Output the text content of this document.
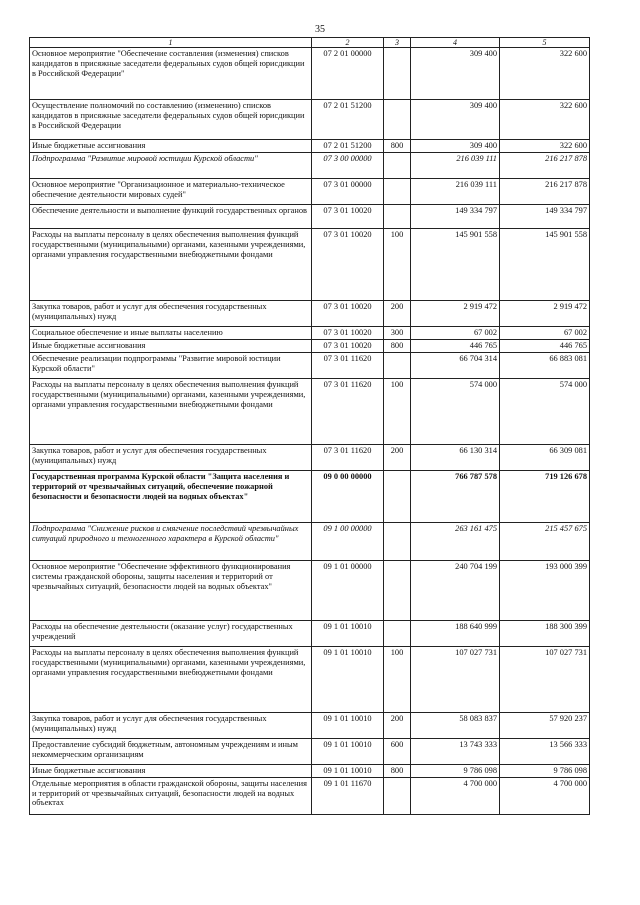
35
1	2	3	4	5
Основное мероприятие "Обеспечение составления (изменения) списков кандидатов в присяжные заседатели федеральных судов общей юрисдикции в Российской Федерации"	07 2 01 00000		309 400	322 600
Осуществление полномочий по составлению (изменению) списков кандидатов в присяжные заседатели федеральных судов общей юрисдикции в Российской Федерации	07 2 01 51200		309 400	322 600
Иные бюджетные ассигнования	07 2 01 51200	800	309 400	322 600
Подпрограмма "Развитие мировой юстиции Курской области"	07 3 00 00000		216 039 111	216 217 878
Основное мероприятие "Организационное и материально-техническое обеспечение деятельности мировых судей"	07 3 01 00000		216 039 111	216 217 878
Обеспечение деятельности и выполнение функций государственных органов	07 3 01 10020		149 334 797	149 334 797
Расходы на выплаты персоналу в целях обеспечения выполнения функций государственными (муниципальными) органами, казенными учреждениями, органами управления государственными внебюджетными фондами	07 3 01 10020	100	145 901 558	145 901 558
Закупка товаров, работ и услуг для обеспечения государственных (муниципальных) нужд	07 3 01 10020	200	2 919 472	2 919 472
Социальное обеспечение и иные выплаты населению	07 3 01 10020	300	67 002	67 002
Иные бюджетные ассигнования	07 3 01 10020	800	446 765	446 765
Обеспечение реализации подпрограммы "Развитие мировой юстиции Курской области"	07 3 01 11620		66 704 314	66 883 081
Расходы на выплаты персоналу в целях обеспечения выполнения функций государственными (муниципальными) органами, казенными учреждениями, органами управления государственными внебюджетными фондами	07 3 01 11620	100	574 000	574 000
Закупка товаров, работ и услуг для обеспечения государственных (муниципальных) нужд	07 3 01 11620	200	66 130 314	66 309 081
Государственная программа Курской области "Защита населения и территорий от чрезвычайных ситуаций, обеспечение пожарной безопасности и безопасности людей на водных объектах"	09 0 00 00000		766 787 578	719 126 678
Подпрограмма "Снижение рисков и смягчение последствий чрезвычайных ситуаций природного и техногенного характера в Курской области"	09 1 00 00000		263 161 475	215 457 675
Основное мероприятие "Обеспечение эффективного функционирования системы гражданской обороны, защиты населения и территорий от чрезвычайных ситуаций, безопасности людей на водных объектах"	09 1 01 00000		240 704 199	193 000 399
Расходы на обеспечение деятельности (оказание услуг) государственных учреждений	09 1 01 10010		188 640 999	188 300 399
Расходы на выплаты персоналу в целях обеспечения выполнения функций государственными (муниципальными) органами, казенными учреждениями, органами управления государственными внебюджетными фондами	09 1 01 10010	100	107 027 731	107 027 731
Закупка товаров, работ и услуг для обеспечения государственных (муниципальных) нужд	09 1 01 10010	200	58 083 837	57 920 237
Предоставление субсидий бюджетным, автономным учреждениям и иным некоммерческим организациям	09 1 01 10010	600	13 743 333	13 566 333
Иные бюджетные ассигнования	09 1 01 10010	800	9 786 098	9 786 098
Отдельные мероприятия в области гражданской обороны, защиты населения и территорий от чрезвычайных ситуаций, безопасности людей на водных объектах	09 1 01 11670		4 700 000	4 700 000
